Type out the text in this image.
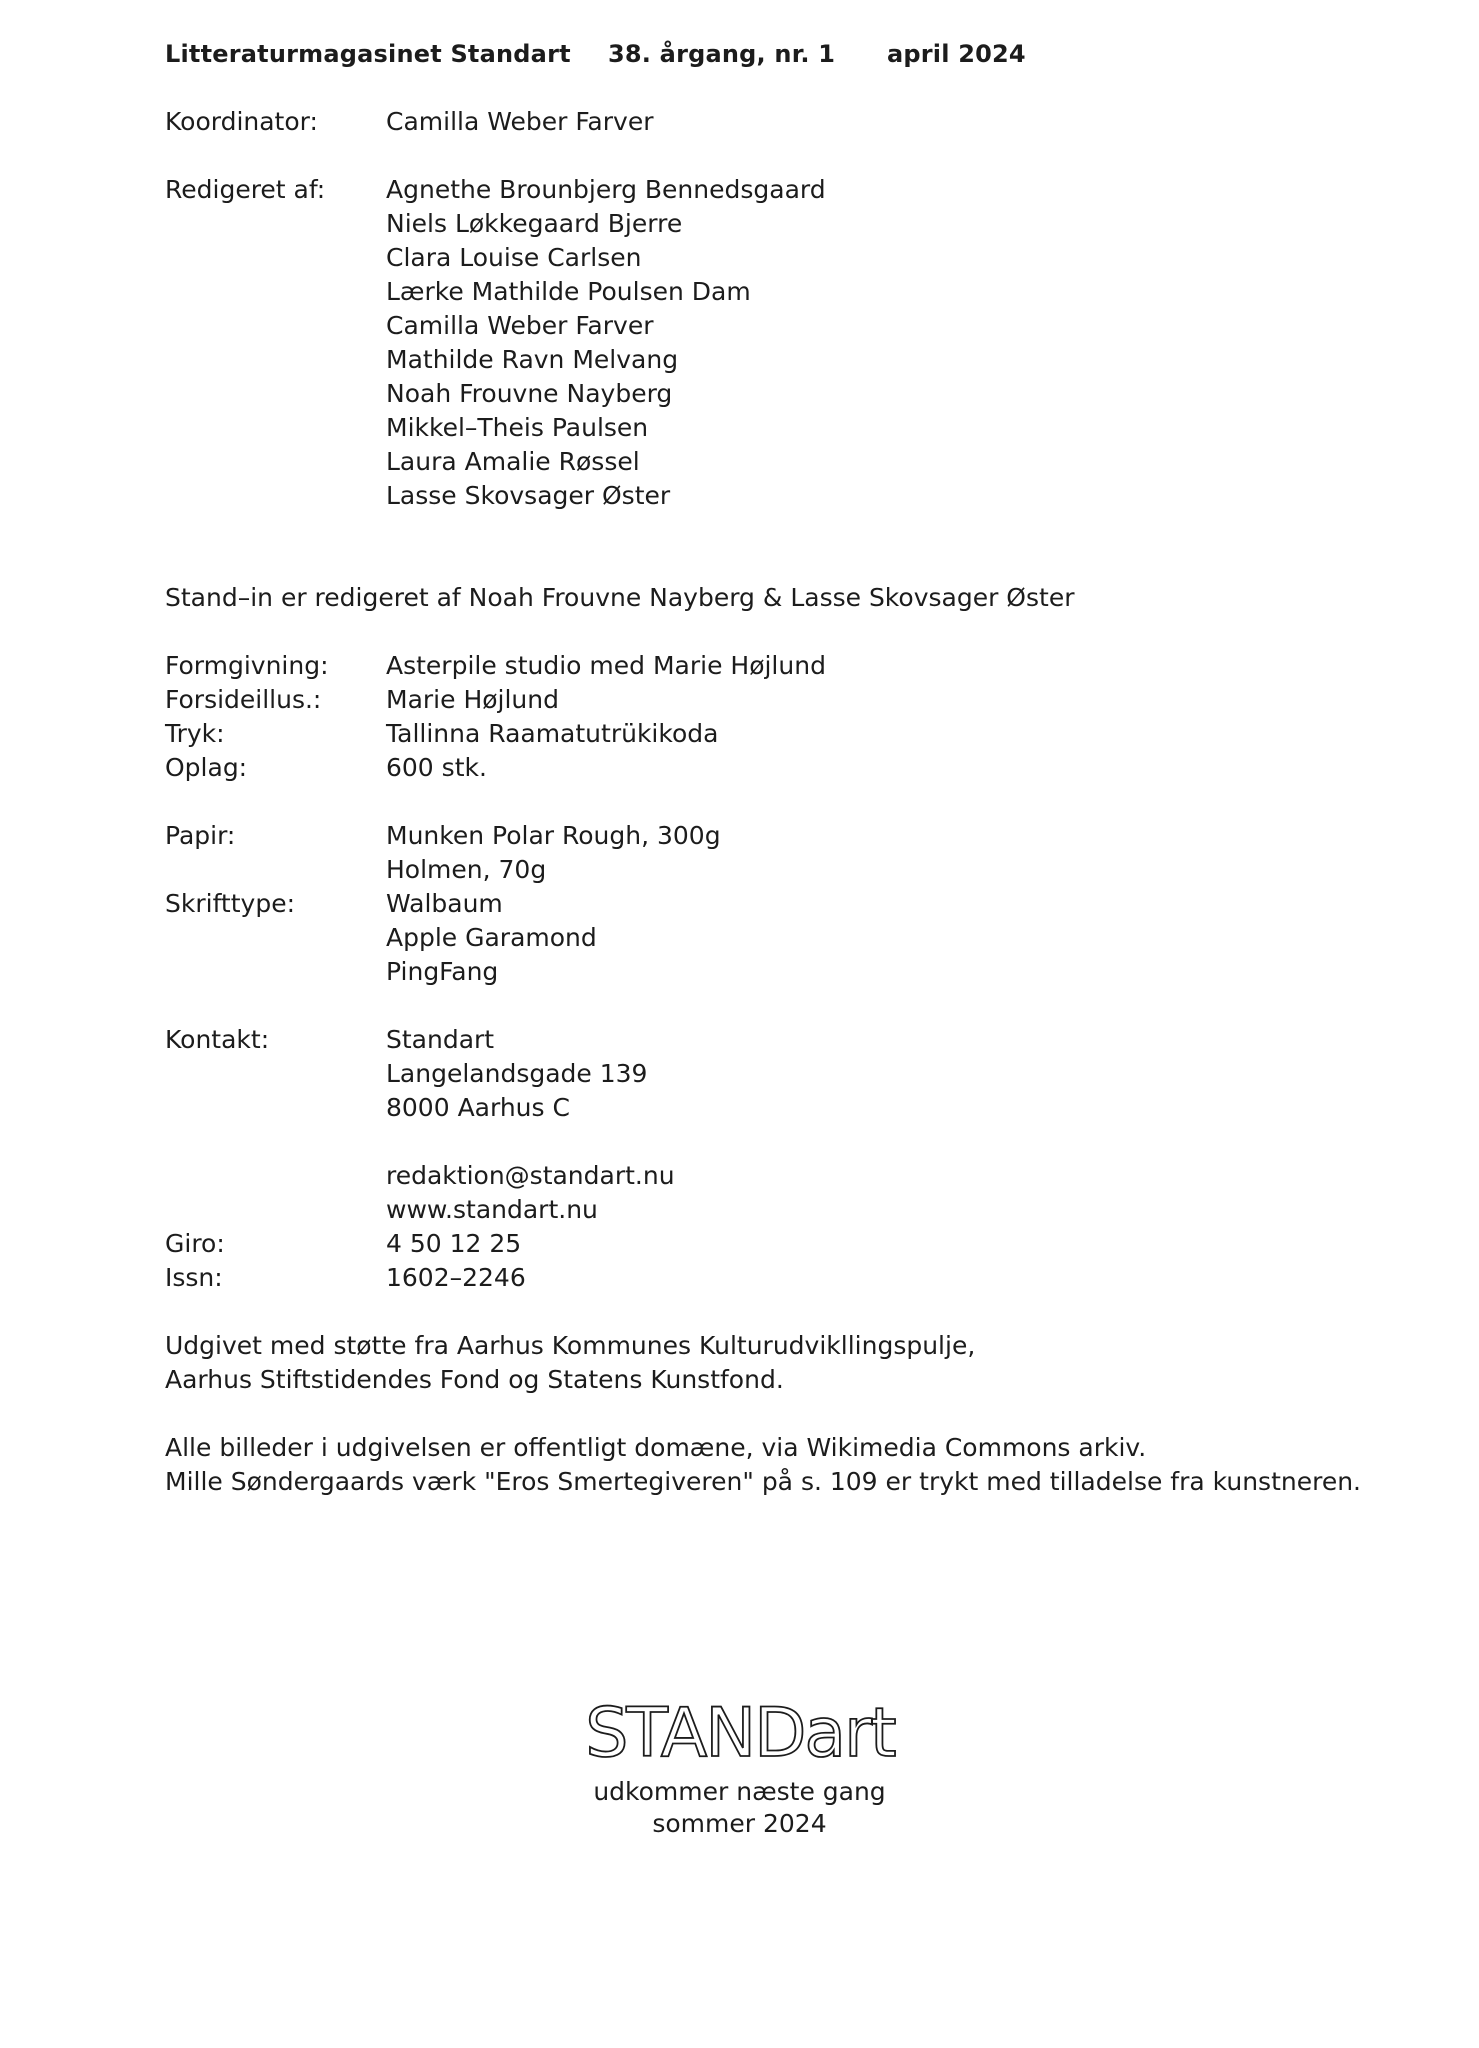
Litteraturmagasinet Standart 38. årgang, nr. 1 april 2024
Koordinator:	Camilla Weber Farver
Redigeret af:	Agnethe Brounbjerg Bennedsgaard
Niels Løkkegaard Bjerre
Clara Louise Carlsen
Lærke Mathilde Poulsen Dam
Camilla Weber Farver
Mathilde Ravn Melvang
Noah Frouvne Nayberg
Mikkel–Theis Paulsen
Laura Amalie Røssel
Lasse Skovsager Øster
Stand–in er redigeret af Noah Frouvne Nayberg & Lasse Skovsager Øster
Formgivning:	Asterpile studio med Marie Højlund
Forsideillus.:	Marie Højlund
Tryk:	Tallinna Raamatutrükikoda
Oplag:	600 stk.
Papir:	Munken Polar Rough, 300g
Holmen, 70g
Skrifttype:	Walbaum
Apple Garamond
PingFang
Kontakt:	Standart
Langelandsgade 139
8000 Aarhus C
redaktion@standart.nu
www.standart.nu
Giro:	4 50 12 25
Issn:	1602–2246
Udgivet med støtte fra Aarhus Kommunes Kulturudvikllingspulje,
Aarhus Stiftstidendes Fond og Statens Kunstfond.
Alle billeder i udgivelsen er offentligt domæne, via Wikimedia Commons arkiv.
Mille Søndergaards værk "Eros Smertegiveren" på s. 109 er trykt med tilladelse fra kunstneren.
STANDart
udkommer næste gang
sommer 2024
